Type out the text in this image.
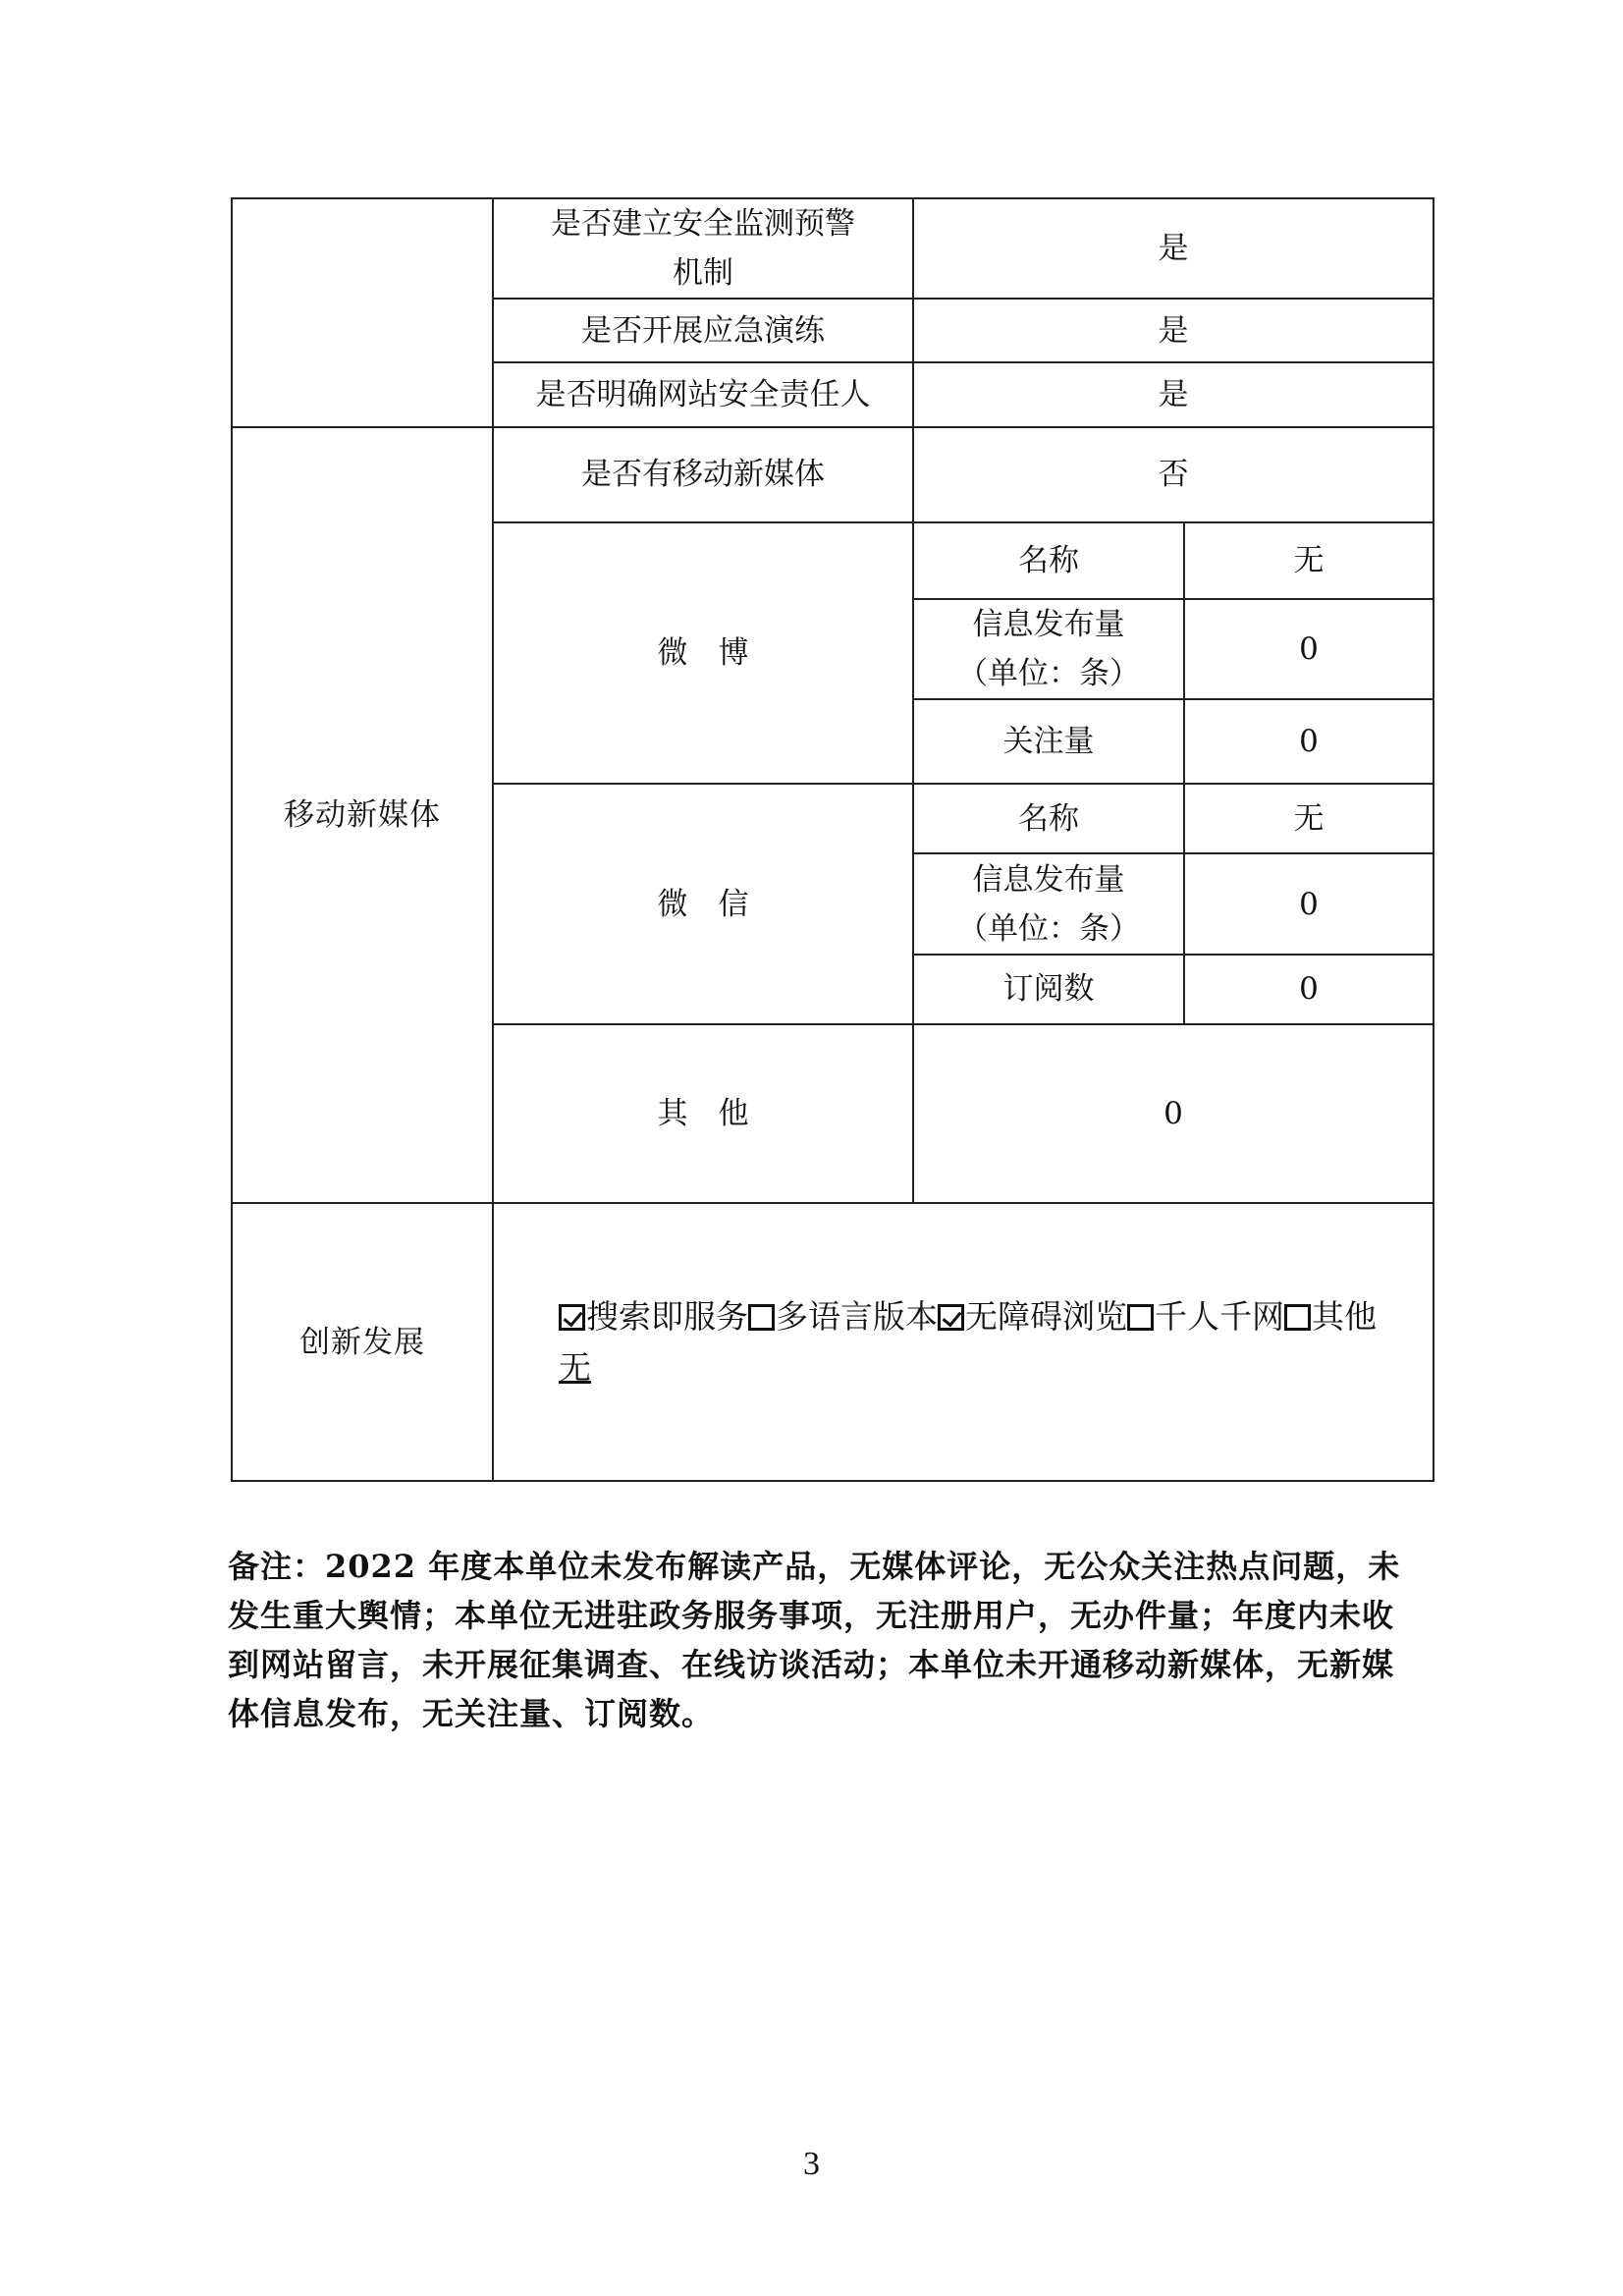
	是否建立安全监测预警
机制	是	
	是否开展应急演练	是	
	是否明确网站安全责任人	是	
移动新媒体	是否有移动新媒体	否	
	微　博	名称	无
		信息发布量
（单位：条）	0
		关注量	0
	微　信	名称	无
		信息发布量
（单位：条）	0
		订阅数	0
	其　他	0	
创新发展	搜索即服务 多语言版本 无障碍浏览 千人千网 其他
无		
备注：2022 年度本单位未发布解读产品，无媒体评论，无公众关注热点问题，未发生重大舆情；本单位无进驻政务服务事项，无注册用户，无办件量；年度内未收到网站留言，未开展征集调查、在线访谈活动；本单位未开通移动新媒体，无新媒体信息发布，无关注量、订阅数。
3
